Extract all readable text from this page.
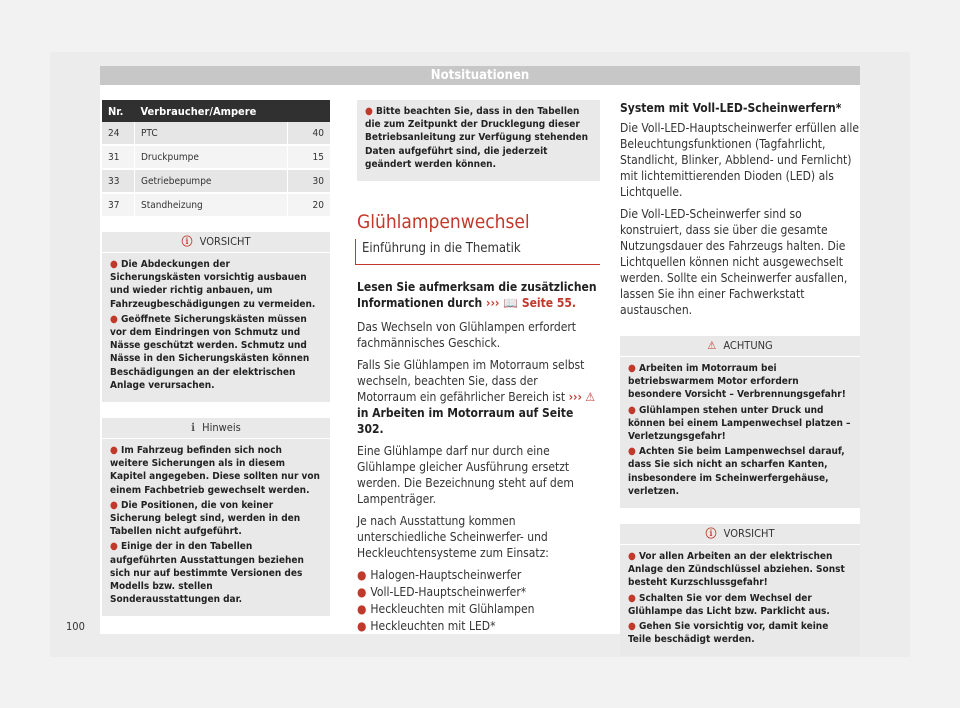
Notsituationen
Nr.	Verbraucher/Ampere	
24	PTC	40
31	Druckpumpe	15
33	Getriebepumpe	30
37	Standheizung	20
ⓘ VORSICHT

● Die Abdeckungen der Sicherungskästen vorsichtig ausbauen und wieder richtig anbauen, um Fahrzeugbeschädigungen zu vermeiden.

● Geöffnete Sicherungskästen müssen vor dem Eindringen von Schmutz und Nässe geschützt werden. Schmutz und Nässe in den Sicherungskästen können Beschädigungen an der elektrischen Anlage verursachen.

ℹ Hinweis

● Im Fahrzeug befinden sich noch weitere Sicherungen als in diesem Kapitel angegeben. Diese sollten nur von einem Fachbetrieb gewechselt werden.

● Die Positionen, die von keiner Sicherung belegt sind, werden in den Tabellen nicht aufgeführt.

● Einige der in den Tabellen aufgeführten Ausstattungen beziehen sich nur auf bestimmte Versionen des Modells bzw. stellen Sonderausstattungen dar.

● Bitte beachten Sie, dass in den Tabellen die zum Zeitpunkt der Drucklegung dieser Betriebsanleitung zur Verfügung stehenden Daten aufgeführt sind, die jederzeit geändert werden können.

Glühlampenwechsel
Einführung in die Thematik
Lesen Sie aufmerksam die zusätzlichen Informationen durch ››› 📖 Seite 55.

Das Wechseln von Glühlampen erfordert fachmännisches Geschick.

Falls Sie Glühlampen im Motorraum selbst wechseln, beachten Sie, dass der Motorraum ein gefährlicher Bereich ist ››› ⚠ in Arbeiten im Motorraum auf Seite 302.

Eine Glühlampe darf nur durch eine Glühlampe gleicher Ausführung ersetzt werden. Die Bezeichnung steht auf dem Lampenträger.

Je nach Ausstattung kommen unterschiedliche Scheinwerfer- und Heckleuchtensysteme zum Einsatz:

● Halogen-Hauptscheinwerfer
● Voll-LED-Hauptscheinwerfer*
● Heckleuchten mit Glühlampen
● Heckleuchten mit LED*
System mit Voll-LED-Scheinwerfern*

Die Voll-LED-Hauptscheinwerfer erfüllen alle Beleuchtungsfunktionen (Tagfahrlicht, Standlicht, Blinker, Abblend- und Fernlicht) mit lichtemittierenden Dioden (LED) als Lichtquelle.

Die Voll-LED-Scheinwerfer sind so konstruiert, dass sie über die gesamte Nutzungsdauer des Fahrzeugs halten. Die Lichtquellen können nicht ausgewechselt werden. Sollte ein Scheinwerfer ausfallen, lassen Sie ihn einer Fachwerkstatt austauschen.

⚠ ACHTUNG

● Arbeiten im Motorraum bei betriebswarmem Motor erfordern besondere Vorsicht – Verbrennungsgefahr!

● Glühlampen stehen unter Druck und können bei einem Lampenwechsel platzen – Verletzungsgefahr!

● Achten Sie beim Lampenwechsel darauf, dass Sie sich nicht an scharfen Kanten, insbesondere im Scheinwerfergehäuse, verletzen.

ⓘ VORSICHT

● Vor allen Arbeiten an der elektrischen Anlage den Zündschlüssel abziehen. Sonst besteht Kurzschlussgefahr!

● Schalten Sie vor dem Wechsel der Glühlampe das Licht bzw. Parklicht aus.

● Gehen Sie vorsichtig vor, damit keine Teile beschädigt werden.

100
